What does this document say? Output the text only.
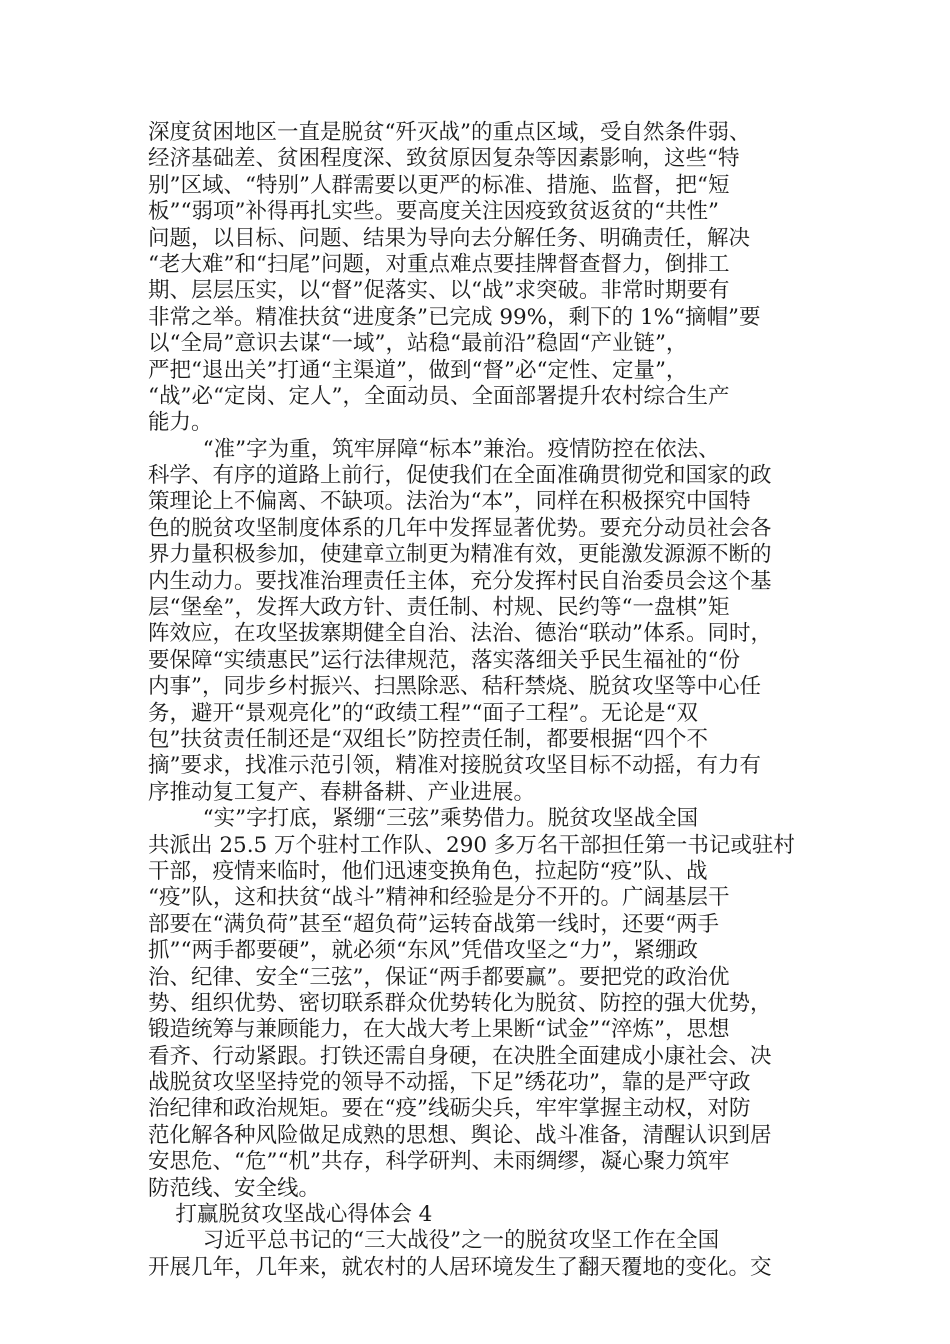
深度贫困地区一直是脱贫“歼灭战”的重点区域，受自然条件弱、
经济基础差、贫困程度深、致贫原因复杂等因素影响，这些“特
别”区域、“特别”人群需要以更严的标准、措施、监督，把“短
板”“弱项”补得再扎实些。要高度关注因疫致贫返贫的“共性”
问题，以目标、问题、结果为导向去分解任务、明确责任，解决
“老大难”和“扫尾”问题，对重点难点要挂牌督查督力，倒排工
期、层层压实，以“督”促落实、以“战”求突破。非常时期要有
非常之举。精准扶贫“进度条”已完成 99%，剩下的 1%“摘帽”要
以“全局”意识去谋“一域”，站稳“最前沿”稳固“产业链”，
严把“退出关”打通“主渠道”，做到“督”必“定性、定量”，
“战”必“定岗、定人”，全面动员、全面部署提升农村综合生产
能力。
“准”字为重，筑牢屏障“标本”兼治。疫情防控在依法、
科学、有序的道路上前行，促使我们在全面准确贯彻党和国家的政
策理论上不偏离、不缺项。法治为“本”，同样在积极探究中国特
色的脱贫攻坚制度体系的几年中发挥显著优势。要充分动员社会各
界力量积极参加，使建章立制更为精准有效，更能激发源源不断的
内生动力。要找准治理责任主体，充分发挥村民自治委员会这个基
层“堡垒”，发挥大政方针、责任制、村规、民约等“一盘棋”矩
阵效应，在攻坚拔寨期健全自治、法治、德治“联动”体系。同时，
要保障“实绩惠民”运行法律规范，落实落细关乎民生福祉的“份
内事”，同步乡村振兴、扫黑除恶、秸秆禁烧、脱贫攻坚等中心任
务，避开“景观亮化”的“政绩工程”“面子工程”。无论是“双
包”扶贫责任制还是“双组长”防控责任制，都要根据“四个不
摘”要求，找准示范引领，精准对接脱贫攻坚目标不动摇，有力有
序推动复工复产、春耕备耕、产业进展。
“实”字打底，紧绷“三弦”乘势借力。脱贫攻坚战全国
共派出 25.5 万个驻村工作队、290 多万名干部担任第一书记或驻村
干部，疫情来临时，他们迅速变换角色，拉起防“疫”队、战
“疫”队，这和扶贫“战斗”精神和经验是分不开的。广阔基层干
部要在“满负荷”甚至“超负荷”运转奋战第一线时，还要“两手
抓”“两手都要硬”，就必须“东风”凭借攻坚之“力”，紧绷政
治、纪律、安全“三弦”，保证“两手都要赢”。要把党的政治优
势、组织优势、密切联系群众优势转化为脱贫、防控的强大优势，
锻造统筹与兼顾能力，在大战大考上果断“试金”“淬炼”，思想
看齐、行动紧跟。打铁还需自身硬，在决胜全面建成小康社会、决
战脱贫攻坚坚持党的领导不动摇，下足”绣花功”，靠的是严守政
治纪律和政治规矩。要在“疫”线砺尖兵，牢牢掌握主动权，对防
范化解各种风险做足成熟的思想、舆论、战斗准备，清醒认识到居
安思危、“危”“机”共存，科学研判、未雨绸缪，凝心聚力筑牢
防范线、安全线。
打赢脱贫攻坚战心得体会 4
习近平总书记的“三大战役”之一的脱贫攻坚工作在全国
开展几年，几年来，就农村的人居环境发生了翻天覆地的变化。交
